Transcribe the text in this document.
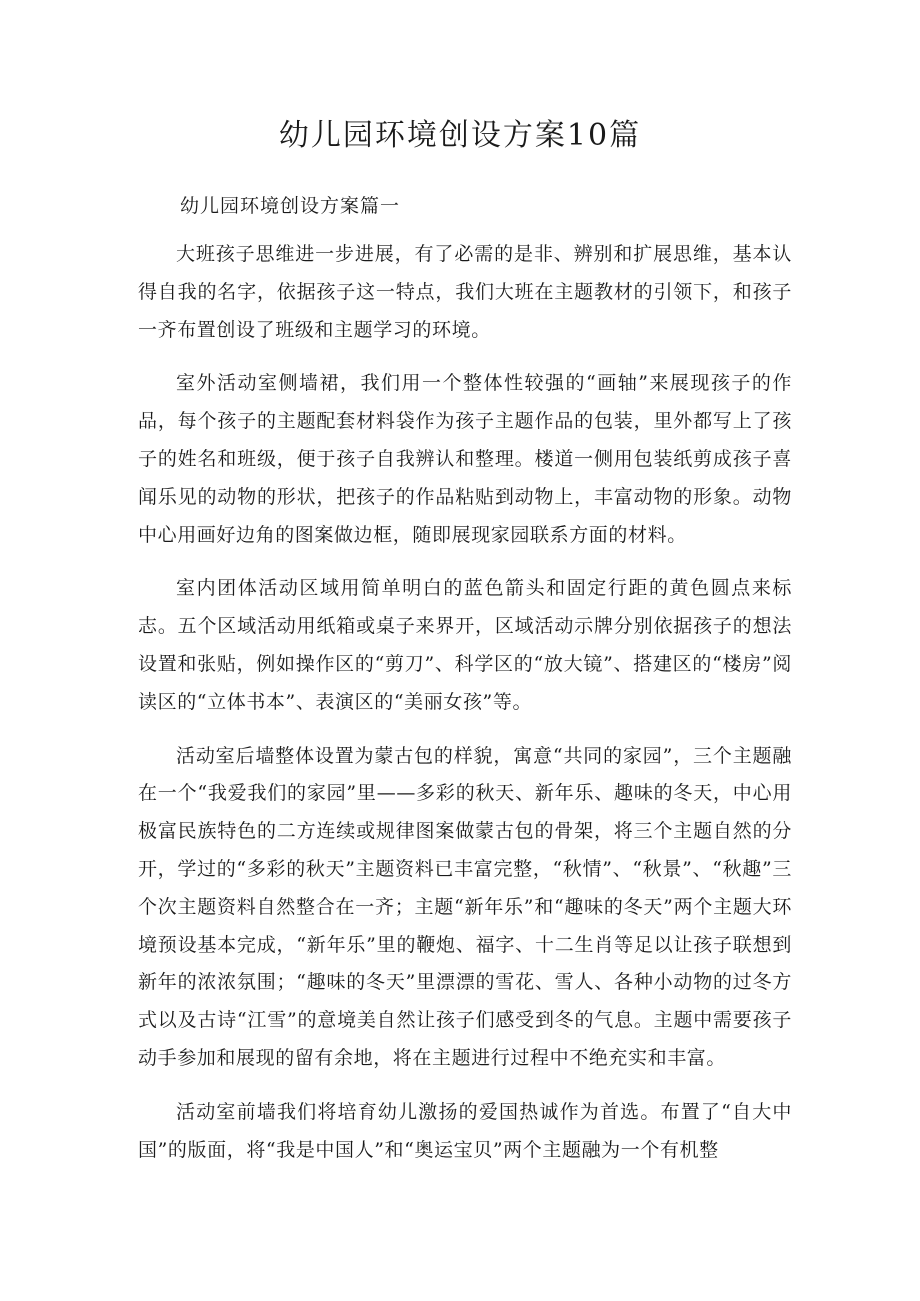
幼儿园环境创设方案10篇

幼儿园环境创设方案篇一

大班孩子思维进一步进展，有了必需的是非、辨别和扩展思维，基本认得自我的名字，依据孩子这一特点，我们大班在主题教材的引领下，和孩子一齐布置创设了班级和主题学习的环境。

室外活动室侧墙裙，我们用一个整体性较强的“画轴”来展现孩子的作品，每个孩子的主题配套材料袋作为孩子主题作品的包装，里外都写上了孩子的姓名和班级，便于孩子自我辨认和整理。楼道一侧用包装纸剪成孩子喜闻乐见的动物的形状，把孩子的作品粘贴到动物上，丰富动物的形象。动物中心用画好边角的图案做边框，随即展现家园联系方面的材料。

室内团体活动区域用简单明白的蓝色箭头和固定行距的黄色圆点来标志。五个区域活动用纸箱或桌子来界开，区域活动示牌分别依据孩子的想法设置和张贴，例如操作区的“剪刀”、科学区的“放大镜”、搭建区的“楼房”阅读区的“立体书本”、表演区的“美丽女孩”等。

活动室后墙整体设置为蒙古包的样貌，寓意“共同的家园”，三个主题融在一个“我爱我们的家园”里——多彩的秋天、新年乐、趣味的冬天，中心用极富民族特色的二方连续或规律图案做蒙古包的骨架，将三个主题自然的分开，学过的“多彩的秋天”主题资料已丰富完整，“秋情”、“秋景”、“秋趣”三个次主题资料自然整合在一齐；主题“新年乐”和“趣味的冬天”两个主题大环境预设基本完成，“新年乐”里的鞭炮、福字、十二生肖等足以让孩子联想到新年的浓浓氛围；“趣味的冬天”里漂漂的雪花、雪人、各种小动物的过冬方式以及古诗“江雪”的意境美自然让孩子们感受到冬的气息。主题中需要孩子动手参加和展现的留有余地，将在主题进行过程中不绝充实和丰富。

活动室前墙我们将培育幼儿激扬的爱国热诚作为首选。布置了“自大中国”的版面，将“我是中国人”和“奥运宝贝”两个主题融为一个有机整
